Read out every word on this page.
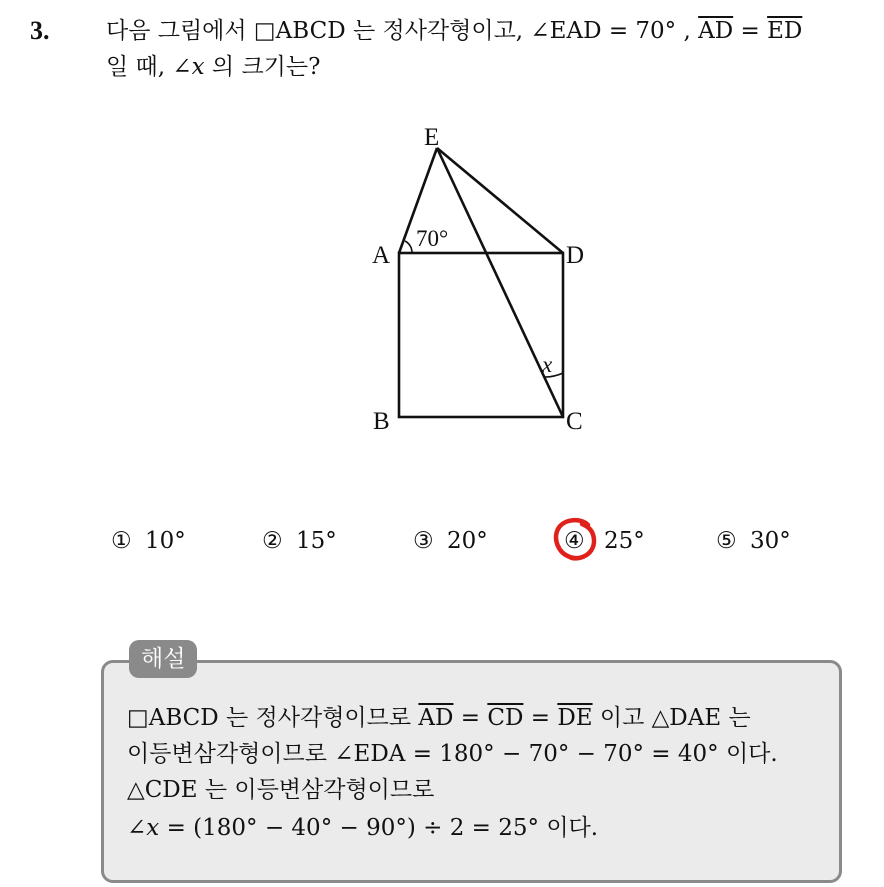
3. 다음 그림에서 □ABCD 는 정사각형이고, ∠EAD = 70° , $\overline{AD} = \overline{ED}$
일 때, ∠x 의 크기는?
E
A	D
B	C
70°
x
① 10°	② 15°	③ 20°	④ 25°	⑤ 30°
해설
□ABCD 는 정사각형이므로 $\overline{AD} = \overline{CD} = \overline{DE}$ 이고 △DAE 는
이등변삼각형이므로 ∠EDA = 180° − 70° − 70° = 40° 이다.
△CDE 는 이등변삼각형이므로
∠x = (180° − 40° − 90°) ÷ 2 = 25° 이다.
